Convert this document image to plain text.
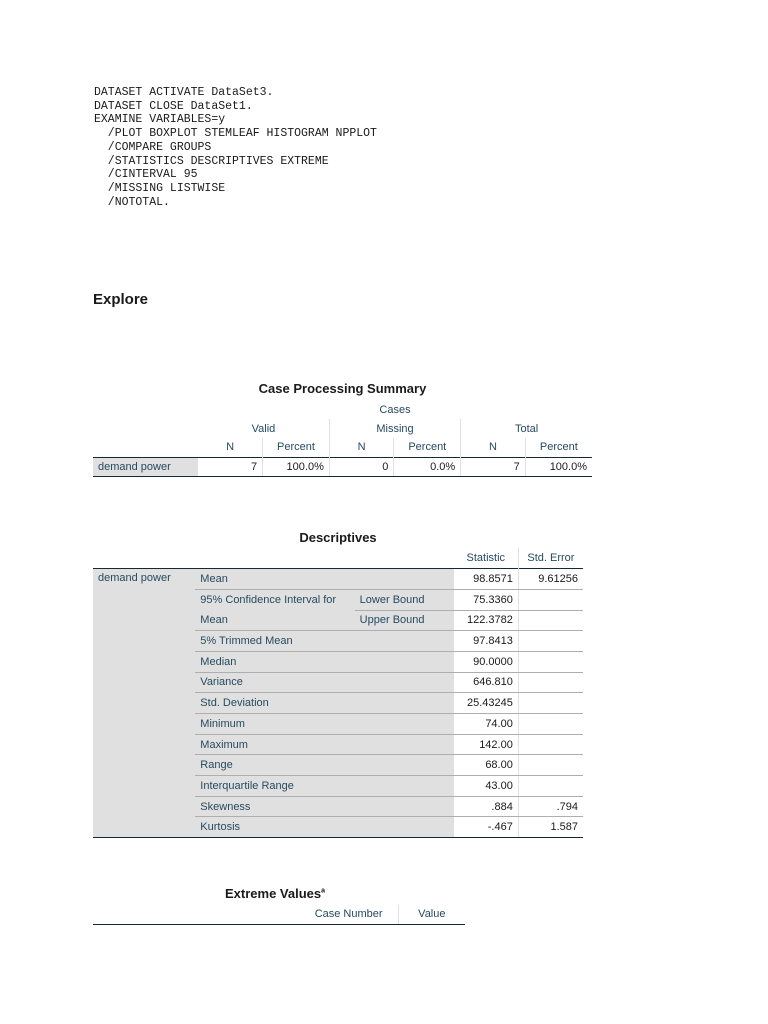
DATASET ACTIVATE DataSet3.
DATASET CLOSE DataSet1.
EXAMINE VARIABLES=y
/PLOT BOXPLOT STEMLEAF HISTOGRAM NPPLOT
/COMPARE GROUPS
/STATISTICS DESCRIPTIVES EXTREME
/CINTERVAL 95
/MISSING LISTWISE
/NOTOTAL.
Explore
Case Processing Summary
	Cases					
	Valid		Missing		Total	
	N	Percent	N	Percent	N	Percent
demand power	7	100.0%	0	0.0%	7	100.0%
Descriptives
			Statistic	Std. Error
demand power	Mean		98.8571	9.61256
	95% Confidence Interval for	Lower Bound	75.3360	
	Mean	Upper Bound	122.3782	
	5% Trimmed Mean		97.8413	
	Median		90.0000	
	Variance		646.810	
	Std. Deviation		25.43245	
	Minimum		74.00	
	Maximum		142.00	
	Range		68.00	
	Interquartile Range		43.00	
	Skewness		.884	.794
	Kurtosis		-.467	1.587
Extreme Values$^a$
	Case Number	Value
